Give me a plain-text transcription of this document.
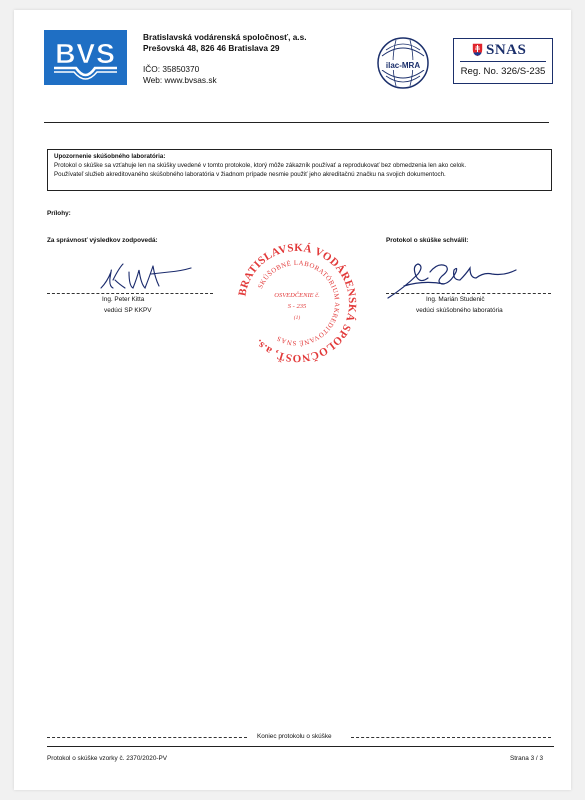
BVS
Bratislavská vodárenská spoločnosť, a.s.
Prešovská 48, 826 46 Bratislava 29
IČO: 35850370
Web: www.bvsas.sk
ilac-MRA
SNAS
Reg. No. 326/S-235
Upozornenie skúšobného laboratória:
Protokol o skúške sa vzťahuje len na skúšky uvedené v tomto protokole, ktorý môže zákazník používať a reprodukovať bez obmedzenia len ako celok.
Používateľ služieb akreditovaného skúšobného laboratória v žiadnom prípade nesmie použiť jeho akreditačnú značku na svojich dokumentoch.
Prílohy:
Za správnosť výsledkov zodpovedá:
Ing. Peter Kitta
vedúci SP KKPV
Protokol o skúške schválil:
Ing. Marián Studenič
vedúci skúšobného laboratória
BRATISLAVSKÁ VODÁRENSKÁ SPOLOČNOSŤ, a.s.
SKÚŠOBNÉ LABORATÓRIUM AKREDITOVANÉ SNAS
OSVEDČENIE č.
S - 235
(1)
Koniec protokolu o skúške
Protokol o skúške vzorky č. 2370/2020-PV	Strana 3 / 3
